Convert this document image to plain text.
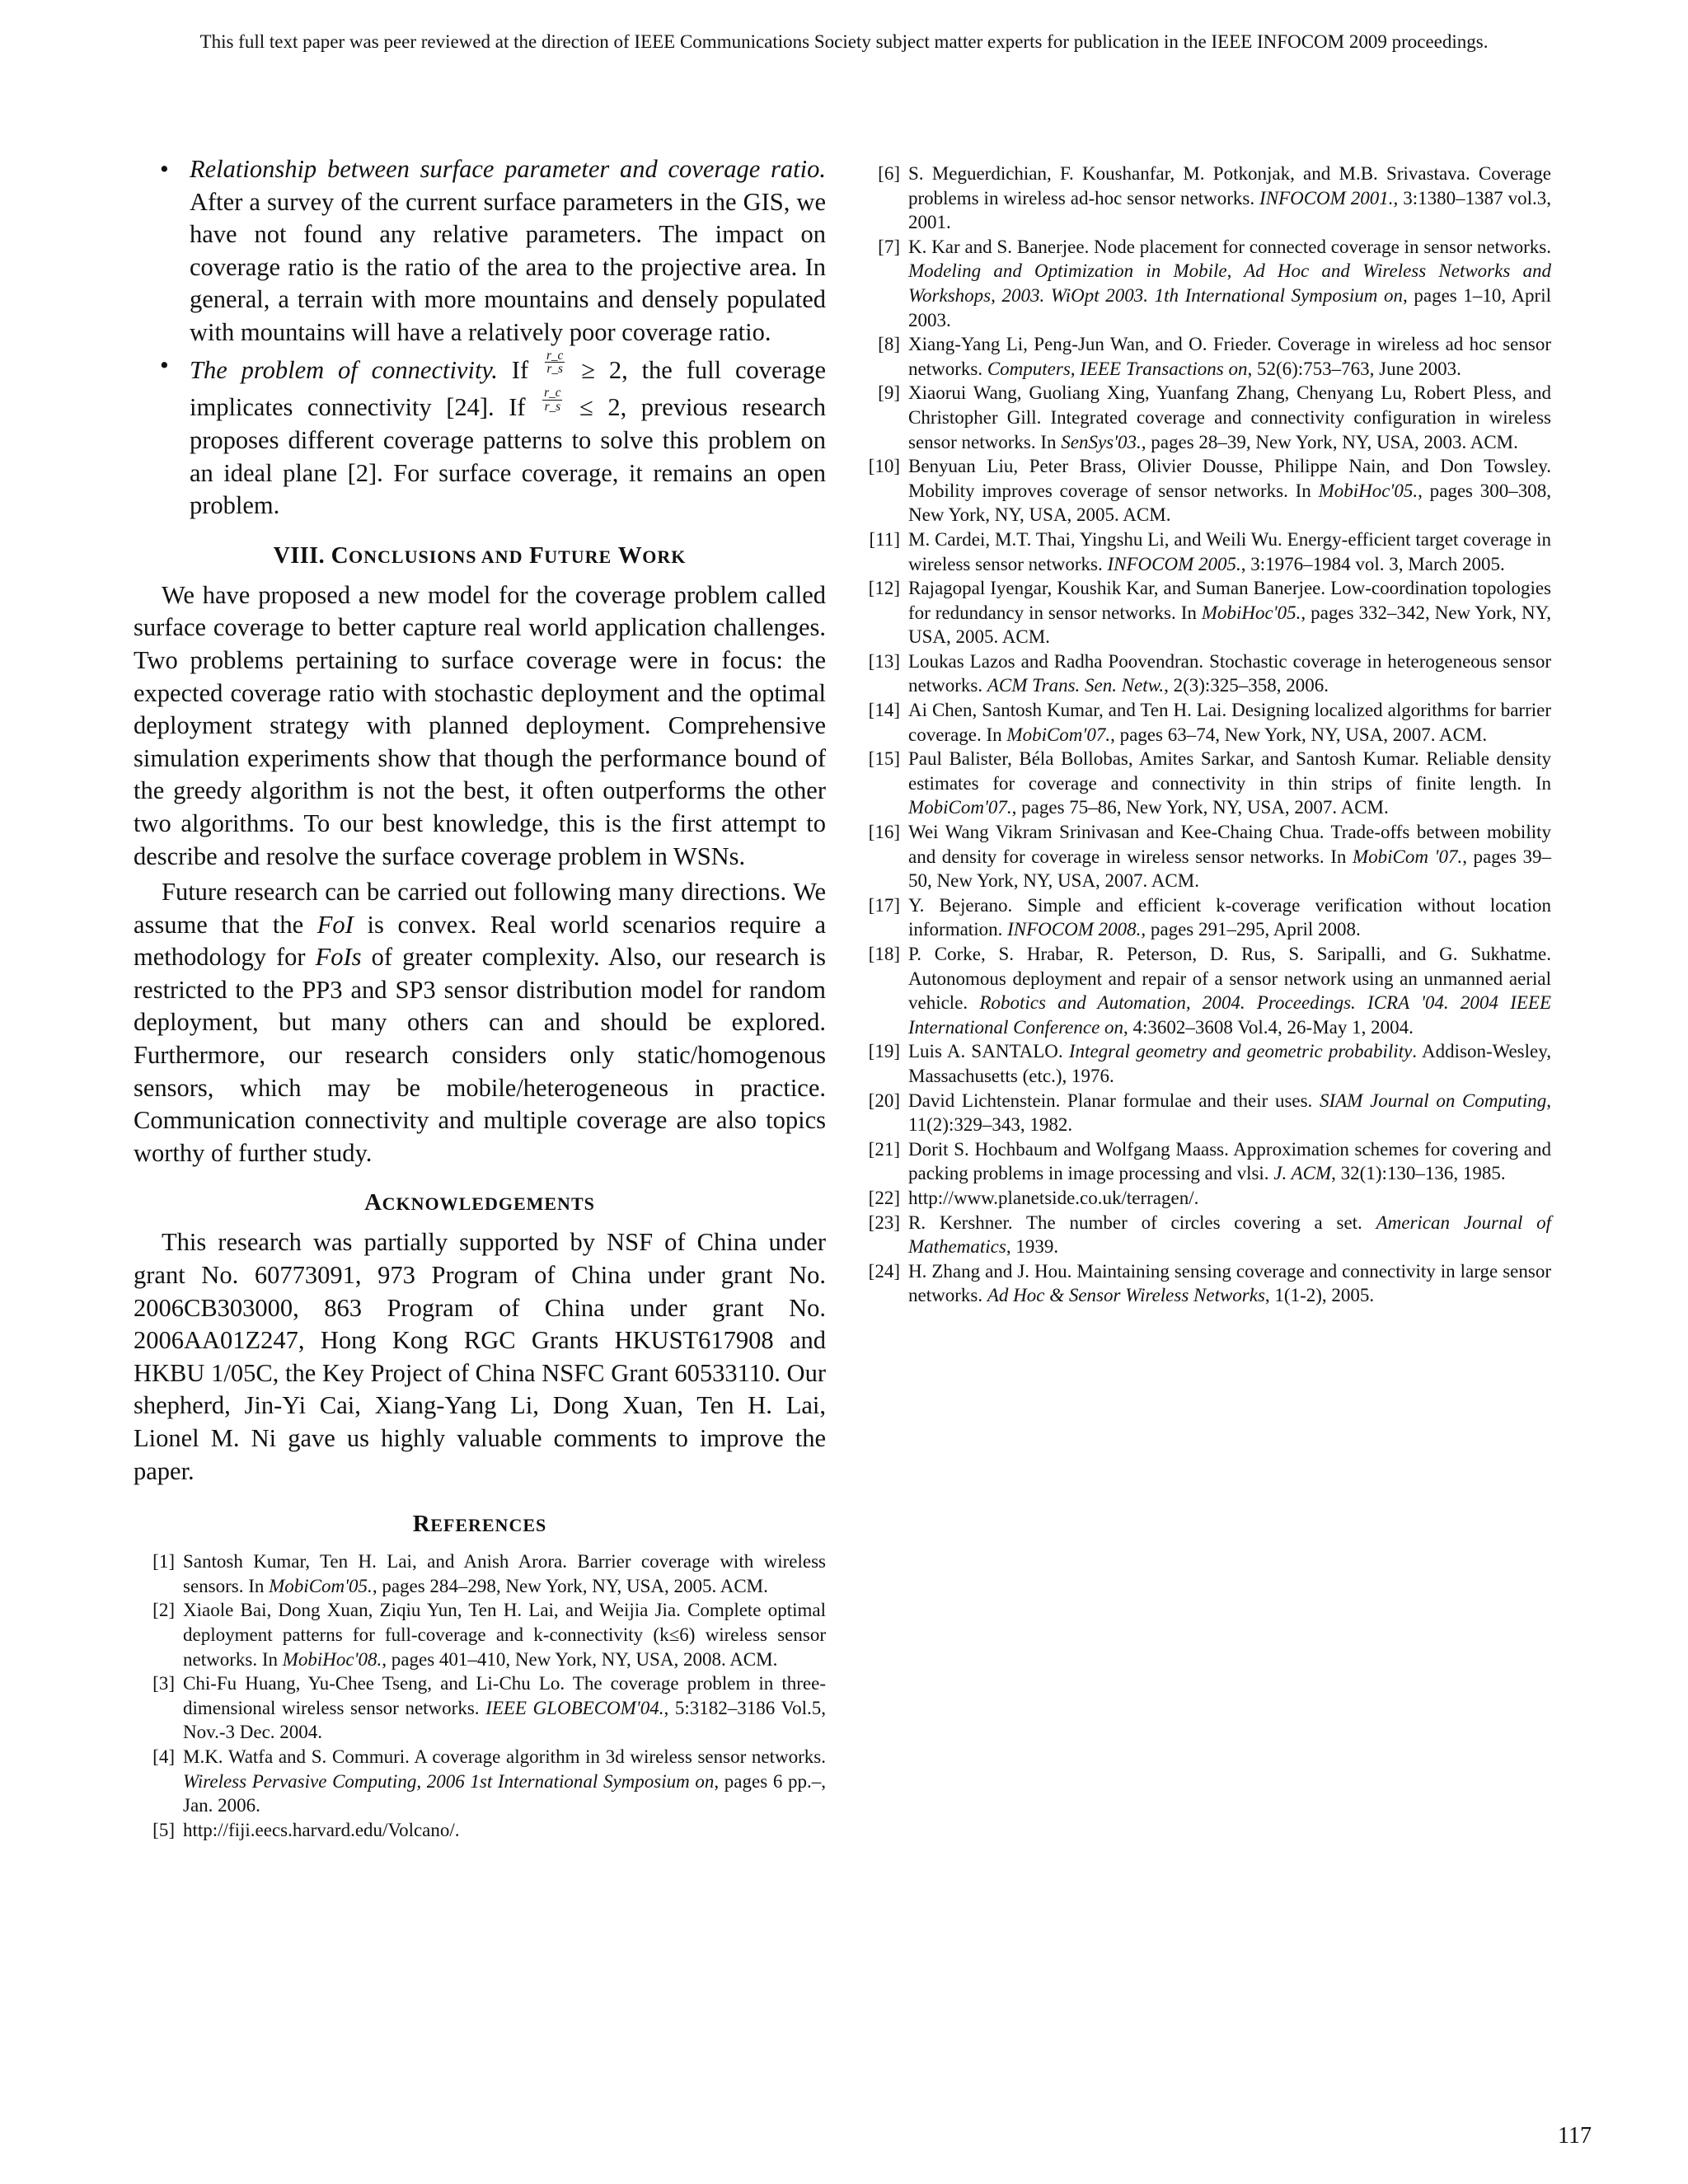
This full text paper was peer reviewed at the direction of IEEE Communications Society subject matter experts for publication in the IEEE INFOCOM 2009 proceedings.
• Relationship between surface parameter and coverage ratio. After a survey of the current surface parameters in the GIS, we have not found any relative parameters. The impact on coverage ratio is the ratio of the area to the projective area. In general, a terrain with more mountains and densely populated with mountains will have a relatively poor coverage ratio.
• The problem of connectivity. If $\frac{r\_c}{r\_s} \ge 2$, the full coverage implicates connectivity [24]. If $\frac{r\_c}{r\_s} \le 2$, previous research proposes different coverage patterns to solve this problem on an ideal plane [2]. For surface coverage, it remains an open problem.
VIII. CONCLUSIONS AND FUTURE WORK

We have proposed a new model for the coverage problem called surface coverage to better capture real world application challenges. Two problems pertaining to surface coverage were in focus: the expected coverage ratio with stochastic deployment and the optimal deployment strategy with planned deployment. Comprehensive simulation experiments show that though the performance bound of the greedy algorithm is not the best, it often outperforms the other two algorithms. To our best knowledge, this is the first attempt to describe and resolve the surface coverage problem in WSNs.

Future research can be carried out following many directions. We assume that the FoI is convex. Real world scenarios require a methodology for FoIs of greater complexity. Also, our research is restricted to the PP3 and SP3 sensor distribution model for random deployment, but many others can and should be explored. Furthermore, our research considers only static/homogenous sensors, which may be mobile/heterogeneous in practice. Communication connectivity and multiple coverage are also topics worthy of further study.

ACKNOWLEDGEMENTS

This research was partially supported by NSF of China under grant No. 60773091, 973 Program of China under grant No. 2006CB303000, 863 Program of China under grant No. 2006AA01Z247, Hong Kong RGC Grants HKUST617908 and HKBU 1/05C, the Key Project of China NSFC Grant 60533110. Our shepherd, Jin-Yi Cai, Xiang-Yang Li, Dong Xuan, Ten H. Lai, Lionel M. Ni gave us highly valuable comments to improve the paper.

REFERENCES
[1] Santosh Kumar, Ten H. Lai, and Anish Arora. Barrier coverage with wireless sensors. In MobiCom'05., pages 284–298, New York, NY, USA, 2005. ACM.
[2] Xiaole Bai, Dong Xuan, Ziqiu Yun, Ten H. Lai, and Weijia Jia. Complete optimal deployment patterns for full-coverage and k-connectivity (k≤6) wireless sensor networks. In MobiHoc'08., pages 401–410, New York, NY, USA, 2008. ACM.
[3] Chi-Fu Huang, Yu-Chee Tseng, and Li-Chu Lo. The coverage problem in three-dimensional wireless sensor networks. IEEE GLOBECOM'04., 5:3182–3186 Vol.5, Nov.-3 Dec. 2004.
[4] M.K. Watfa and S. Commuri. A coverage algorithm in 3d wireless sensor networks. Wireless Pervasive Computing, 2006 1st International Symposium on, pages 6 pp.–, Jan. 2006.
[5] http://fiji.eecs.harvard.edu/Volcano/.
[6] S. Meguerdichian, F. Koushanfar, M. Potkonjak, and M.B. Srivastava. Coverage problems in wireless ad-hoc sensor networks. INFOCOM 2001., 3:1380–1387 vol.3, 2001.
[7] K. Kar and S. Banerjee. Node placement for connected coverage in sensor networks. Modeling and Optimization in Mobile, Ad Hoc and Wireless Networks and Workshops, 2003. WiOpt 2003. 1th International Symposium on, pages 1–10, April 2003.
[8] Xiang-Yang Li, Peng-Jun Wan, and O. Frieder. Coverage in wireless ad hoc sensor networks. Computers, IEEE Transactions on, 52(6):753–763, June 2003.
[9] Xiaorui Wang, Guoliang Xing, Yuanfang Zhang, Chenyang Lu, Robert Pless, and Christopher Gill. Integrated coverage and connectivity configuration in wireless sensor networks. In SenSys'03., pages 28–39, New York, NY, USA, 2003. ACM.
[10] Benyuan Liu, Peter Brass, Olivier Dousse, Philippe Nain, and Don Towsley. Mobility improves coverage of sensor networks. In MobiHoc'05., pages 300–308, New York, NY, USA, 2005. ACM.
[11] M. Cardei, M.T. Thai, Yingshu Li, and Weili Wu. Energy-efficient target coverage in wireless sensor networks. INFOCOM 2005., 3:1976–1984 vol. 3, March 2005.
[12] Rajagopal Iyengar, Koushik Kar, and Suman Banerjee. Low-coordination topologies for redundancy in sensor networks. In MobiHoc'05., pages 332–342, New York, NY, USA, 2005. ACM.
[13] Loukas Lazos and Radha Poovendran. Stochastic coverage in heterogeneous sensor networks. ACM Trans. Sen. Netw., 2(3):325–358, 2006.
[14] Ai Chen, Santosh Kumar, and Ten H. Lai. Designing localized algorithms for barrier coverage. In MobiCom'07., pages 63–74, New York, NY, USA, 2007. ACM.
[15] Paul Balister, Béla Bollobas, Amites Sarkar, and Santosh Kumar. Reliable density estimates for coverage and connectivity in thin strips of finite length. In MobiCom'07., pages 75–86, New York, NY, USA, 2007. ACM.
[16] Wei Wang Vikram Srinivasan and Kee-Chaing Chua. Trade-offs between mobility and density for coverage in wireless sensor networks. In MobiCom '07., pages 39–50, New York, NY, USA, 2007. ACM.
[17] Y. Bejerano. Simple and efficient k-coverage verification without location information. INFOCOM 2008., pages 291–295, April 2008.
[18] P. Corke, S. Hrabar, R. Peterson, D. Rus, S. Saripalli, and G. Sukhatme. Autonomous deployment and repair of a sensor network using an unmanned aerial vehicle. Robotics and Automation, 2004. Proceedings. ICRA '04. 2004 IEEE International Conference on, 4:3602–3608 Vol.4, 26-May 1, 2004.
[19] Luis A. SANTALO. Integral geometry and geometric probability. Addison-Wesley, Massachusetts (etc.), 1976.
[20] David Lichtenstein. Planar formulae and their uses. SIAM Journal on Computing, 11(2):329–343, 1982.
[21] Dorit S. Hochbaum and Wolfgang Maass. Approximation schemes for covering and packing problems in image processing and vlsi. J. ACM, 32(1):130–136, 1985.
[22] http://www.planetside.co.uk/terragen/.
[23] R. Kershner. The number of circles covering a set. American Journal of Mathematics, 1939.
[24] H. Zhang and J. Hou. Maintaining sensing coverage and connectivity in large sensor networks. Ad Hoc & Sensor Wireless Networks, 1(1-2), 2005.
117
